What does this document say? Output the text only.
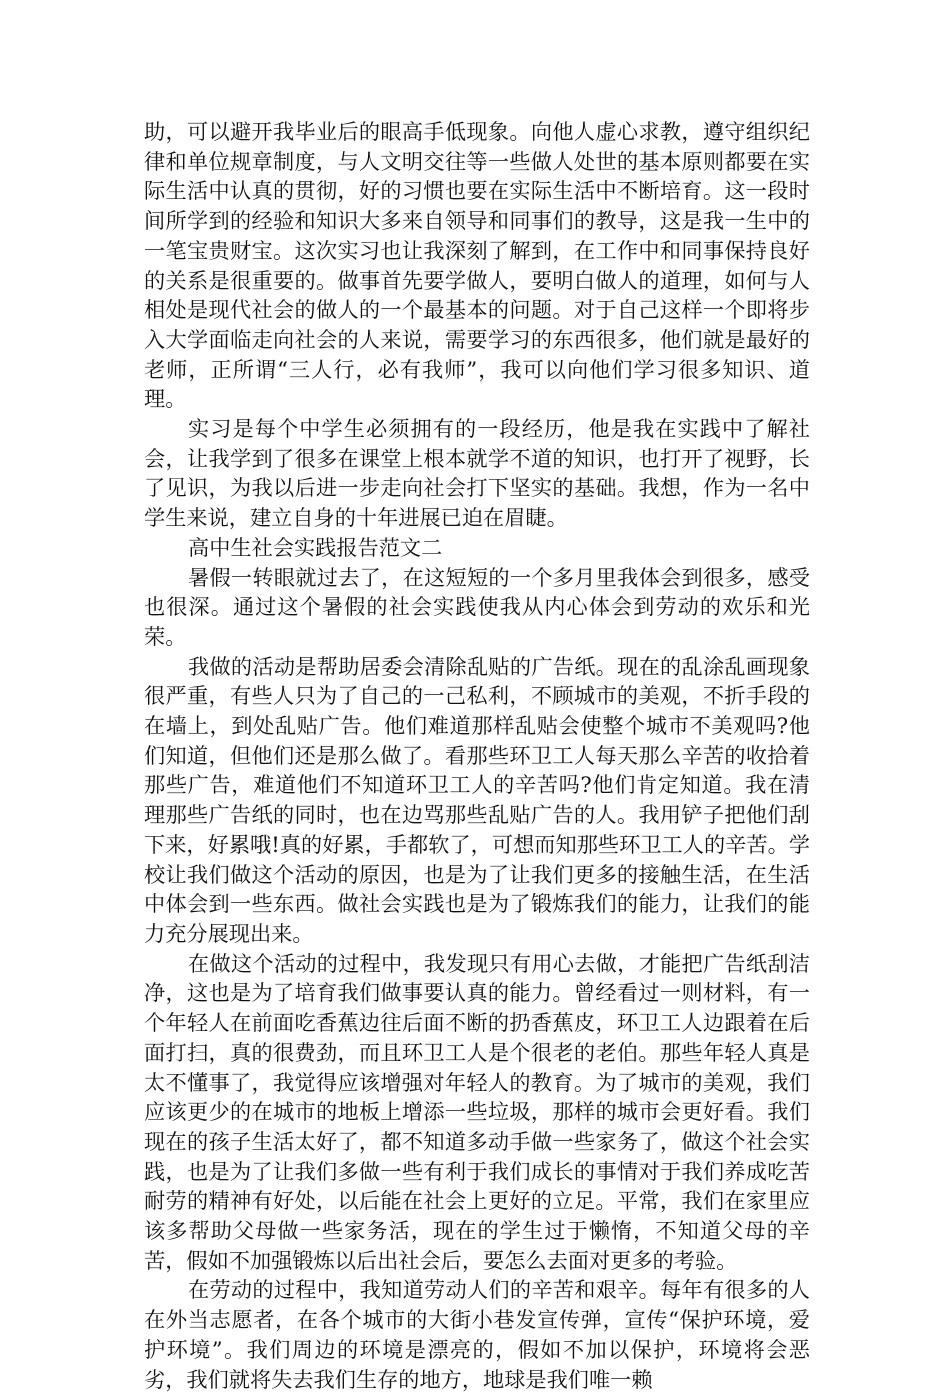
助，可以避开我毕业后的眼高手低现象。向他人虚心求教，遵守组织纪律和单位规章制度，与人文明交往等一些做人处世的基本原则都要在实际生活中认真的贯彻，好的习惯也要在实际生活中不断培育。这一段时间所学到的经验和知识大多来自领导和同事们的教导，这是我一生中的一笔宝贵财宝。这次实习也让我深刻了解到，在工作中和同事保持良好的关系是很重要的。做事首先要学做人，要明白做人的道理，如何与人相处是现代社会的做人的一个最基本的问题。对于自己这样一个即将步入大学面临走向社会的人来说，需要学习的东西很多，他们就是最好的老师，正所谓“三人行，必有我师”，我可以向他们学习很多知识、道理。

实习是每个中学生必须拥有的一段经历，他是我在实践中了解社会，让我学到了很多在课堂上根本就学不道的知识，也打开了视野，长了见识，为我以后进一步走向社会打下坚实的基础。我想，作为一名中学生来说，建立自身的十年进展已迫在眉睫。

高中生社会实践报告范文二

暑假一转眼就过去了，在这短短的一个多月里我体会到很多，感受也很深。通过这个暑假的社会实践使我从内心体会到劳动的欢乐和光荣。

我做的活动是帮助居委会清除乱贴的广告纸。现在的乱涂乱画现象很严重，有些人只为了自己的一己私利，不顾城市的美观，不折手段的在墙上，到处乱贴广告。他们难道那样乱贴会使整个城市不美观吗?他们知道，但他们还是那么做了。看那些环卫工人每天那么辛苦的收拾着那些广告，难道他们不知道环卫工人的辛苦吗?他们肯定知道。我在清理那些广告纸的同时，也在边骂那些乱贴广告的人。我用铲子把他们刮下来，好累哦!真的好累，手都软了，可想而知那些环卫工人的辛苦。学校让我们做这个活动的原因，也是为了让我们更多的接触生活，在生活中体会到一些东西。做社会实践也是为了锻炼我们的能力，让我们的能力充分展现出来。

在做这个活动的过程中，我发现只有用心去做，才能把广告纸刮洁净，这也是为了培育我们做事要认真的能力。曾经看过一则材料，有一个年轻人在前面吃香蕉边往后面不断的扔香蕉皮，环卫工人边跟着在后面打扫，真的很费劲，而且环卫工人是个很老的老伯。那些年轻人真是太不懂事了，我觉得应该增强对年轻人的教育。为了城市的美观，我们应该更少的在城市的地板上增添一些垃圾，那样的城市会更好看。我们现在的孩子生活太好了，都不知道多动手做一些家务了，做这个社会实践，也是为了让我们多做一些有利于我们成长的事情对于我们养成吃苦耐劳的精神有好处，以后能在社会上更好的立足。平常，我们在家里应该多帮助父母做一些家务活，现在的学生过于懒惰，不知道父母的辛苦，假如不加强锻炼以后出社会后，要怎么去面对更多的考验。

在劳动的过程中，我知道劳动人们的辛苦和艰辛。每年有很多的人在外当志愿者，在各个城市的大街小巷发宣传弹，宣传“保护环境，爱护环境”。我们周边的环境是漂亮的，假如不加以保护，环境将会恶劣，我们就将失去我们生存的地方，地球是我们唯一赖
